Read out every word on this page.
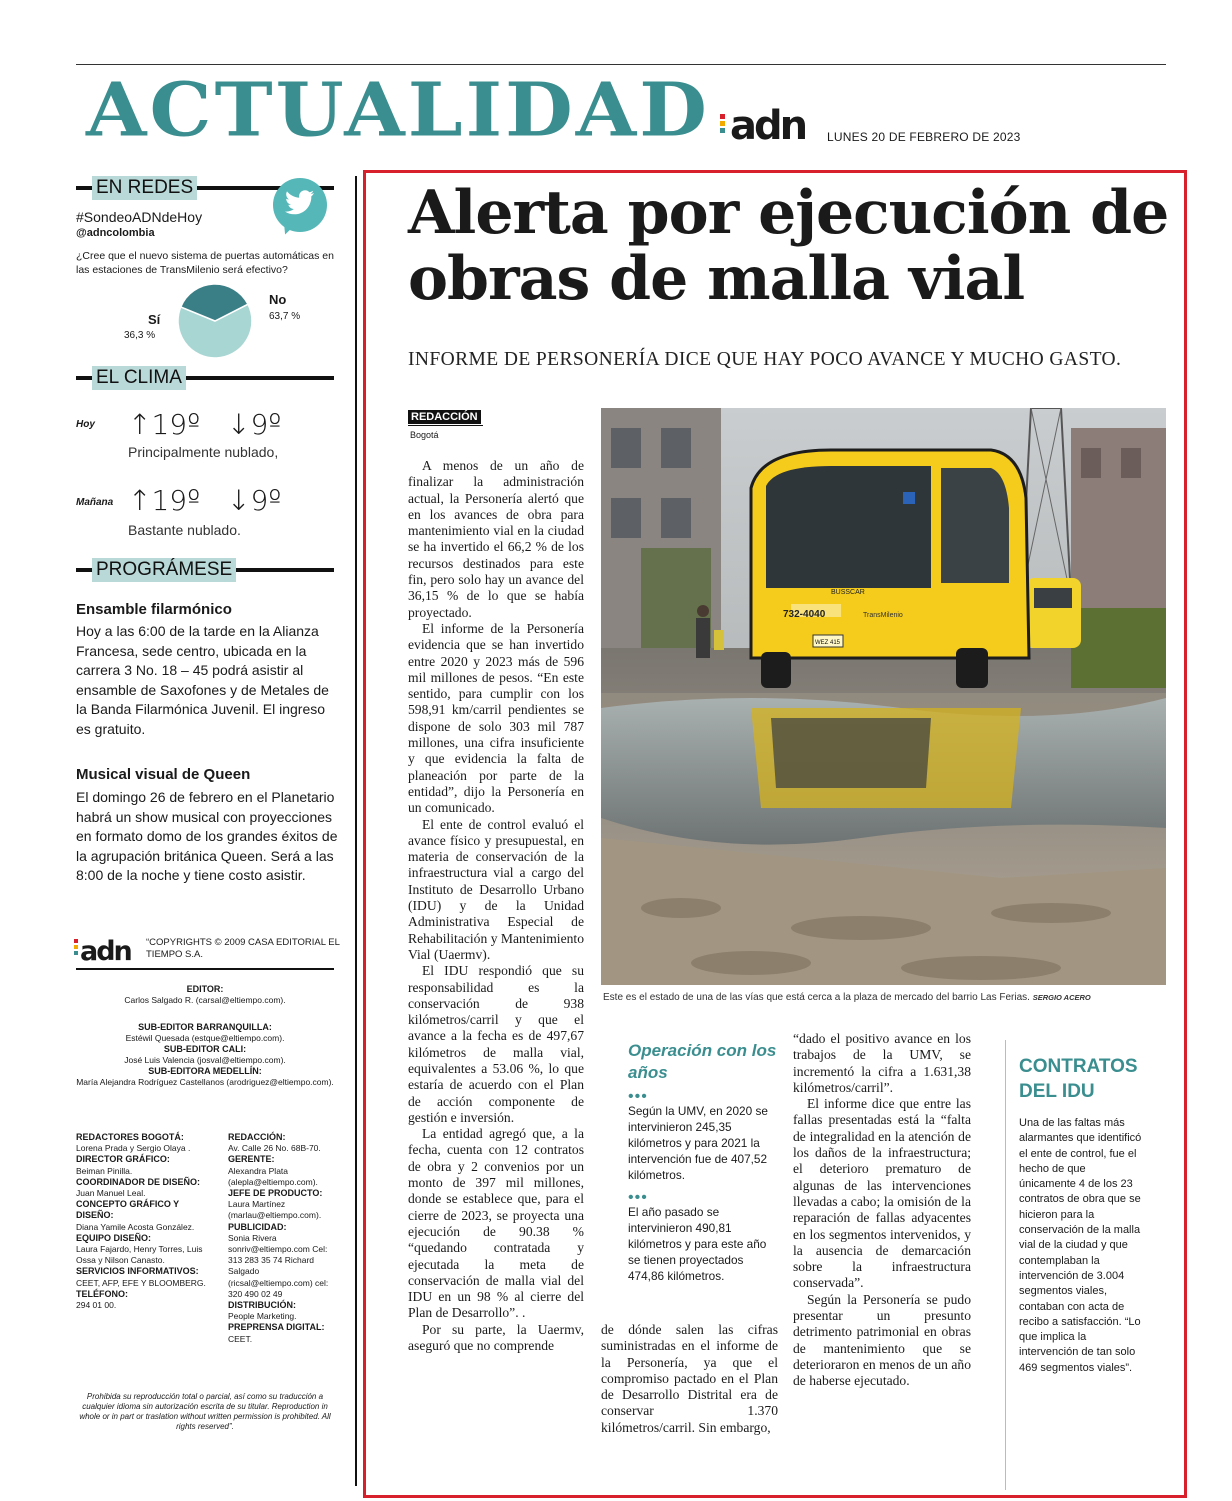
ACTUALIDAD adn LUNES 20 DE FEBRERO DE 2023
EN REDES
#SondeoADNdeHoy
@adncolombia
¿Cree que el nuevo sistema de puertas automáticas en las estaciones de TransMilenio será efectivo?
Sí
36,3 %
No
63,7 %
EL CLIMA
Hoy ↑19º ↓9º
Principalmente nublado,
Mañana ↑19º ↓9º
Bastante nublado.
PROGRÁMESE
Ensamble filarmónico
Hoy a las 6:00 de la tarde en la Alianza Francesa, sede centro, ubicada en la carrera 3 No. 18 – 45 podrá asistir al ensamble de Saxofones y de Metales de la Banda Filarmónica Juvenil. El ingreso es gratuito.
Musical visual de Queen
El domingo 26 de febrero en el Planetario habrá un show musical con proyecciones en formato domo de los grandes éxitos de la agrupación británica Queen. Será a las 8:00 de la noche y tiene costo asistir.
adn “COPYRIGHTS © 2009 CASA EDITORIAL EL TIEMPO S.A.
EDITOR:
Carlos Salgado R. (carsal@eltiempo.com).
SUB-EDITOR BARRANQUILLA:
Estéwil Quesada (estque@eltiempo.com).
SUB-EDITOR CALI:
José Luis Valencia (josval@eltiempo.com).
SUB-EDITORA MEDELLÍN:
María Alejandra Rodríguez Castellanos (arodriguez@eltiempo.com).
REDACTORES BOGOTÁ:
Lorena Prada y Sergio Olaya .
DIRECTOR GRÁFICO:
Beiman Pinilla.
COORDINADOR DE DISEÑO:
Juan Manuel Leal.
CONCEPTO GRÁFICO Y DISEÑO:
Diana Yamile Acosta González.
EQUIPO DISEÑO:
Laura Fajardo, Henry Torres, Luis Ossa y Nilson Canasto.
SERVICIOS INFORMATIVOS:
CEET, AFP, EFE Y BLOOMBERG.
TELÉFONO:
294 01 00.
REDACCIÓN:
Av. Calle 26 No. 68B-70.
GERENTE:
Alexandra Plata (alepla@eltiempo.com).
JEFE DE PRODUCTO:
Laura Martínez (marlau@eltiempo.com).
PUBLICIDAD:
Sonia Rivera sonriv@eltiempo.com Cel: 313 283 35 74 Richard Salgado (ricsal@eltiempo.com) cel: 320 490 02 49
DISTRIBUCIÓN:
People Marketing.
PREPRENSA DIGITAL:
CEET.
Prohibida su reproducción total o parcial, así como su traducción a cualquier idioma sin autorización escrita de su titular. Reproduction in whole or in part or traslation without written permission is prohibited. All rights reserved”.
Alerta por ejecución de obras de malla vial
INFORME DE PERSONERÍA DICE QUE HAY POCO AVANCE Y MUCHO GASTO.
REDACCIÓN
Bogotá

A menos de un año de finalizar la administración actual, la Personería alertó que en los avances de obra para mantenimiento vial en la ciudad se ha invertido el 66,2 % de los recursos destinados para este fin, pero solo hay un avance del 36,15 % de lo que se había proyectado.

El informe de la Personería evidencia que se han invertido entre 2020 y 2023 más de 596 mil millones de pesos. “En este sentido, para cumplir con los 598,91 km/carril pendientes se dispone de solo 303 mil 787 millones, una cifra insuficiente y que evidencia la falta de planeación por parte de la entidad”, dijo la Personería en un comunicado.

El ente de control evaluó el avance físico y presupuestal, en materia de conservación de la infraestructura vial a cargo del Instituto de Desarrollo Urbano (IDU) y de la Unidad Administrativa Especial de Rehabilitación y Mantenimiento Vial (Uaermv).

El IDU respondió que su responsabilidad es la conservación de 938 kilómetros/carril y que el avance a la fecha es de 497,67 kilómetros de malla vial, equivalentes a 53.06 %, lo que estaría de acuerdo con el Plan de acción componente de gestión e inversión.

La entidad agregó que, a la fecha, cuenta con 12 contratos de obra y 2 convenios por un monto de 397 mil millones, donde se establece que, para el cierre de 2023, se proyecta una ejecución de 90.38 % “quedando contratada y ejecutada la meta de conservación de malla vial del IDU en un 98 % al cierre del Plan de Desarrollo”. .

Por su parte, la Uaermv, aseguró que no comprende

732-4040
BUSSCAR
TransMilenio
WEZ 415
Este es el estado de una de las vías que está cerca a la plaza de mercado del barrio Las Ferias. SERGIO ACERO
Operación con los años
•••
Según la UMV, en 2020 se intervinieron 245,35 kilómetros y para 2021 la intervención fue de 407,52 kilómetros.
•••
El año pasado se intervinieron 490,81 kilómetros y para este año se tienen proyectados 474,86 kilómetros.

de dónde salen las cifras suministradas en el informe de la Personería, ya que el compromiso pactado en el Plan de Desarrollo Distrital era de conservar 1.370 kilómetros/carril. Sin embargo,

“dado el positivo avance en los trabajos de la UMV, se incrementó la cifra a 1.631,38 kilómetros/carril”.

El informe dice que entre las fallas presentadas está la “falta de integralidad en la atención de los daños de la infraestructura; el deterioro prematuro de algunas de las intervenciones llevadas a cabo; la omisión de la reparación de fallas adyacentes en los segmentos intervenidos, y la ausencia de demarcación sobre la infraestructura conservada”.

Según la Personería se pudo presentar un presunto detrimento patrimonial en obras de mantenimiento que se deterioraron en menos de un año de haberse ejecutado.

CONTRATOS DEL IDU
Una de las faltas más alarmantes que identificó el ente de control, fue el hecho de que únicamente 4 de los 23 contratos de obra que se hicieron para la conservación de la malla vial de la ciudad y que contemplaban la intervención de 3.004 segmentos viales, contaban con acta de recibo a satisfacción. “Lo que implica la intervención de tan solo 469 segmentos viales”.
